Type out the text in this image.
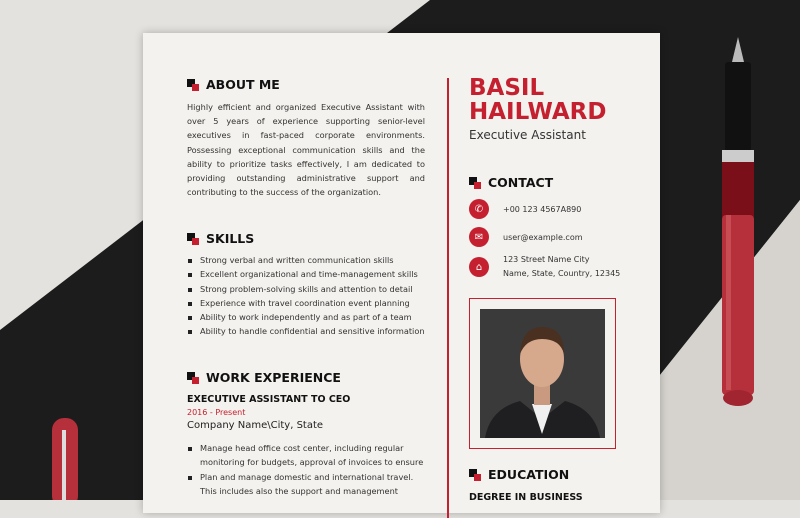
ABOUT ME

Highly efficient and organized Executive Assistant with over 5 years of experience supporting senior-level executives in fast-paced corporate environments. Possessing exceptional communication skills and the ability to prioritize tasks effectively, I am dedicated to providing outstanding administrative support and contributing to the success of the organization.

SKILLS
Strong verbal and written communication skills
Excellent organizational and time-management skills
Strong problem-solving skills and attention to detail
Experience with travel coordination event planning
Ability to work independently and as part of a team
Ability to handle confidential and sensitive information
WORK EXPERIENCE
EXECUTIVE ASSISTANT TO CEO
2016 - Present
Company Name\City, State
Manage head office cost center, including regular monitoring for budgets, approval of invoices to ensure
Plan and manage domestic and international travel. This includes also the support and management
BASIL
HAILWARD
Executive Assistant
CONTACT
✆	+00 123 4567A890
✉	user@example.com
⌂
123 Street Name City
Name, State, Country, 12345
EDUCATION
DEGREE IN BUSINESS
